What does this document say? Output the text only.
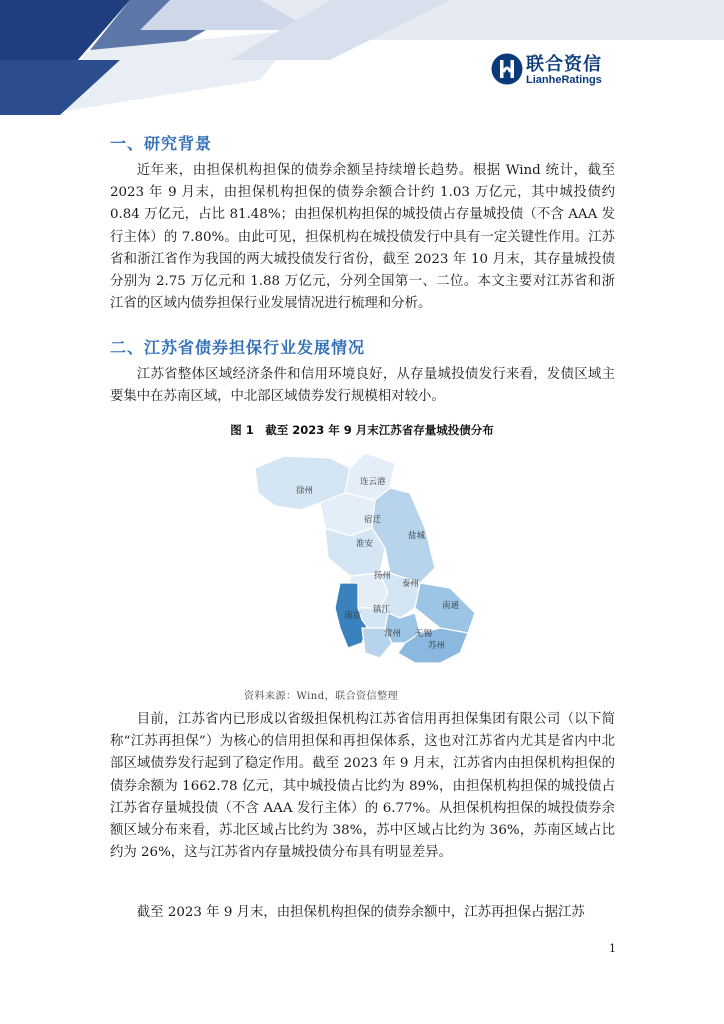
联合资信
LianheRatings
一、研究背景

近年来，由担保机构担保的债券余额呈持续增长趋势。根据 Wind 统计，截至 2023 年 9 月末，由担保机构担保的债券余额合计约 1.03 万亿元，其中城投债约 0.84 万亿元，占比 81.48%；由担保机构担保的城投债占存量城投债（不含 AAA 发行主体）的 7.80%。由此可见，担保机构在城投债发行中具有一定关键性作用。江苏省和浙江省作为我国的两大城投债发行省份，截至 2023 年 10 月末，其存量城投债分别为 2.75 万亿元和 1.88 万亿元，分列全国第一、二位。本文主要对江苏省和浙江省的区域内债券担保行业发展情况进行梳理和分析。

二、江苏省债券担保行业发展情况

江苏省整体区域经济条件和信用环境良好，从存量城投债发行来看，发债区域主要集中在苏南区域，中北部区域债券发行规模相对较小。

图 1　截至 2023 年 9 月末江苏省存量城投债分布
徐州
连云港
宿迁
淮安
盐城
扬州
泰州
南通
南京
镇江
常州 无锡
苏州
资料来源：Wind，联合资信整理

目前，江苏省内已形成以省级担保机构江苏省信用再担保集团有限公司（以下简称“江苏再担保”）为核心的信用担保和再担保体系，这也对江苏省内尤其是省内中北部区域债券发行起到了稳定作用。截至 2023 年 9 月末，江苏省内由担保机构担保的债券余额为 1662.78 亿元，其中城投债占比约为 89%，由担保机构担保的城投债占江苏省存量城投债（不含 AAA 发行主体）的 6.77%。从担保机构担保的城投债券余额区域分布来看，苏北区域占比约为 38%，苏中区域占比约为 36%，苏南区域占比约为 26%，这与江苏省内存量城投债分布具有明显差异。

截至 2023 年 9 月末，由担保机构担保的债券余额中，江苏再担保占据江苏

1
